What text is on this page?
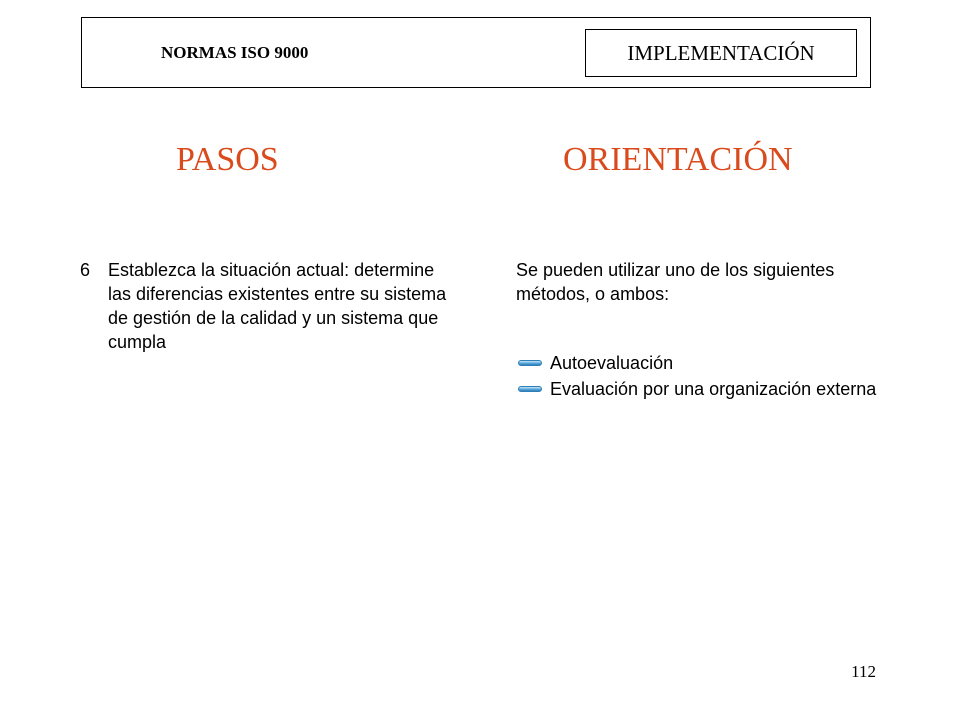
NORMAS ISO 9000	IMPLEMENTACIÓN
PASOS	ORIENTACIÓN
6 Establezca la situación actual: determine las diferencias existentes entre su sistema de gestión de la calidad y un sistema que cumpla
Se pueden utilizar uno de los siguientes métodos, o ambos:
Autoevaluación
Evaluación por una organización externa
112
